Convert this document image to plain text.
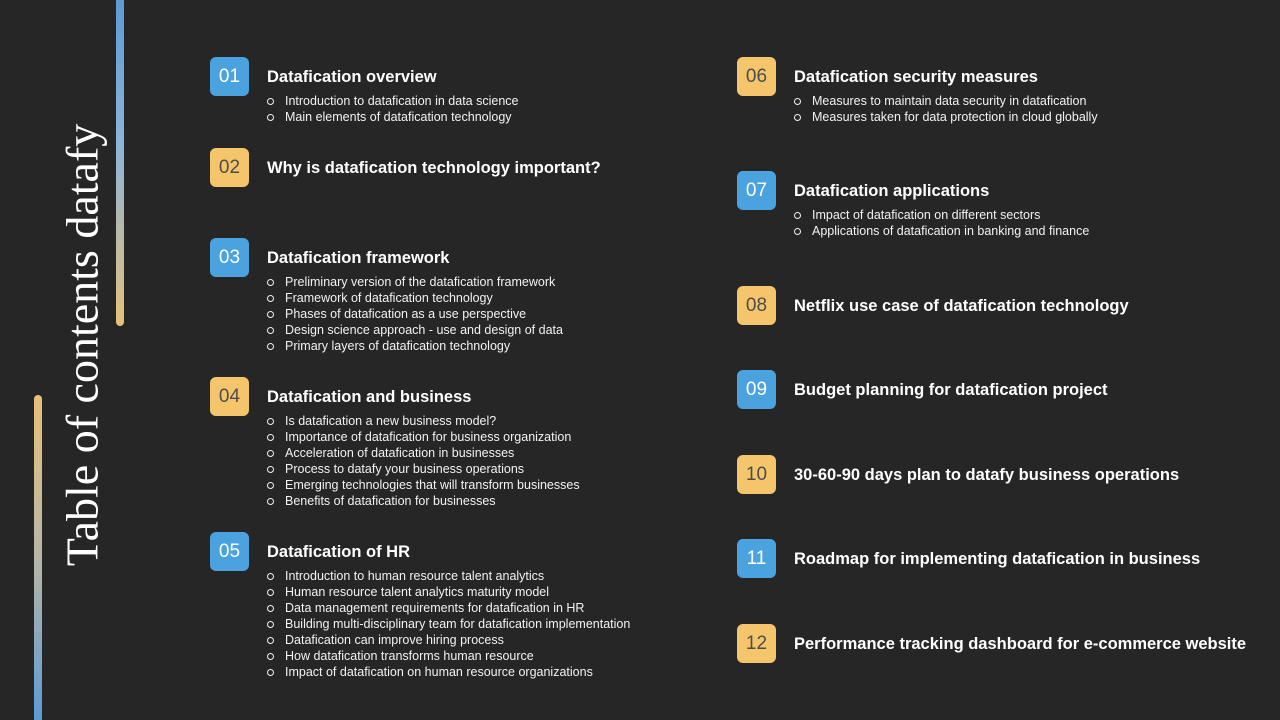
Table of contents datafy
01	Datafication overview
Introduction to datafication in data science
Main elements of datafication technology
02	Why is datafication technology important?
03	Datafication framework
Preliminary version of the datafication framework
Framework of datafication technology
Phases of datafication as a use perspective
Design science approach - use and design of data
Primary layers of datafication technology
04	Datafication and business
Is datafication a new business model?
Importance of datafication for business organization
Acceleration of datafication in businesses
Process to datafy your business operations
Emerging technologies that will transform businesses
Benefits of datafication for businesses
05	Datafication of HR
Introduction to human resource talent analytics
Human resource talent analytics maturity model
Data management requirements for datafication in HR
Building multi-disciplinary team for datafication implementation
Datafication can improve hiring process
How datafication transforms human resource
Impact of datafication on human resource organizations
06	Datafication security measures
Measures to maintain data security in datafication
Measures taken for data protection in cloud globally
07	Datafication applications
Impact of datafication on different sectors
Applications of datafication in banking and finance
08	Netflix use case of datafication technology
09	Budget planning for datafication project
10	30-60-90 days plan to datafy business operations
11	Roadmap for implementing datafication in business
12	Performance tracking dashboard for e-commerce website
